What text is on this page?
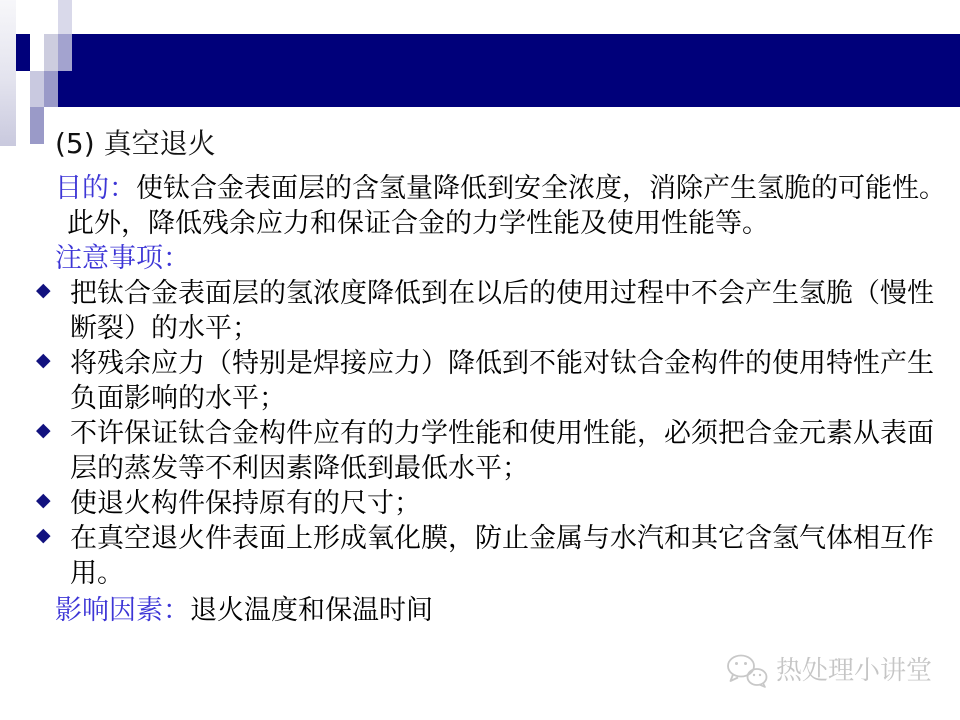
(5) 真空退火

目的：使钛合金表面层的含氢量降低到安全浓度，消除产生氢脆的可能性。此外，降低残余应力和保证合金的力学性能及使用性能等。

注意事项：
◆ 把钛合金表面层的氢浓度降低到在以后的使用过程中不会产生氢脆（慢性断裂）的水平；
◆ 将残余应力（特别是焊接应力）降低到不能对钛合金构件的使用特性产生负面影响的水平；
◆ 不许保证钛合金构件应有的力学性能和使用性能，必须把合金元素从表面层的蒸发等不利因素降低到最低水平；
◆ 使退火构件保持原有的尺寸；
◆ 在真空退火件表面上形成氧化膜，防止金属与水汽和其它含氢气体相互作用。

影响因素：退火温度和保温时间

热处理小讲堂
